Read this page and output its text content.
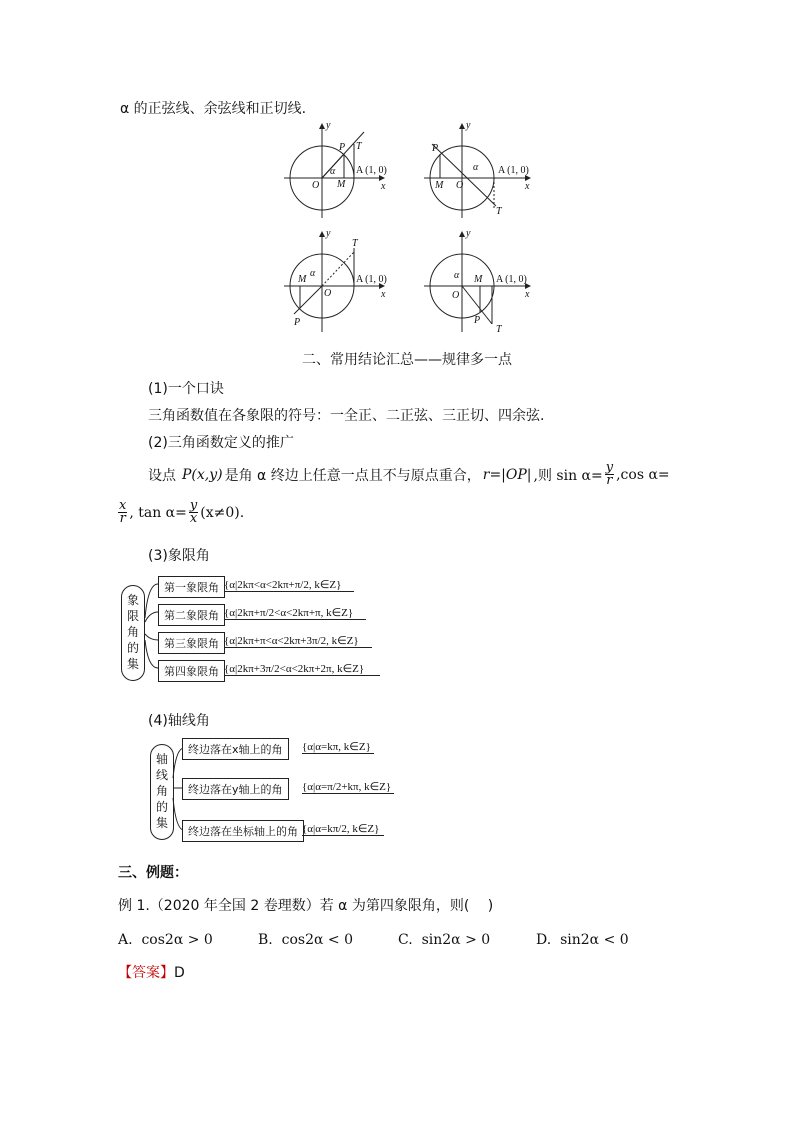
α 的正弦线、余弦线和正切线.
y
x
O M
P T
α A (1, 0)
y
x
O
M
P
T
α A (1, 0)
y
x
O
M
P
T
α
A (1, 0)
y
x
O
M
P
T
α	A (1, 0)
二、常用结论汇总——规律多一点
(1)一个口诀
三角函数值在各象限的符号：一全正、二正弦、三正切、四余弦.
(2)三角函数定义的推广
设点 P(x,y) 是角 α 终边上任意一点且不与原点重合， r=|OP| ,则 $\sin \alpha= \frac{y}{r} ,\cos$ α=
$\frac{x}{r}$ , $\tan \alpha= \frac{y}{x} (x\ne 0)$.
(3)象限角
象
限
角
的
集
第一象限角 {α|2kπ<α<2kπ+π/2, k∈Z}
第二象限角 {α|2kπ+π/2<α<2kπ+π, k∈Z}
第三象限角 {α|2kπ+π<α<2kπ+3π/2, k∈Z}
第四象限角 {α|2kπ+3π/2<α<2kπ+2π, k∈Z}
(4)轴线角
轴
线
角
的
集
终边落在x轴上的角	{α|α=kπ, k∈Z}
终边落在y轴上的角	{α|α=π/2+kπ, k∈Z}
终边落在坐标轴上的角 {α|α=kπ/2, k∈Z}
三、例题：
例 1.（2020 年全国 2 卷理数）若 α 为第四象限角，则(　 )
A. cos2α > 0	B. cos2α < 0	C. sin2α > 0	D. sin2α < 0
【答案】D
